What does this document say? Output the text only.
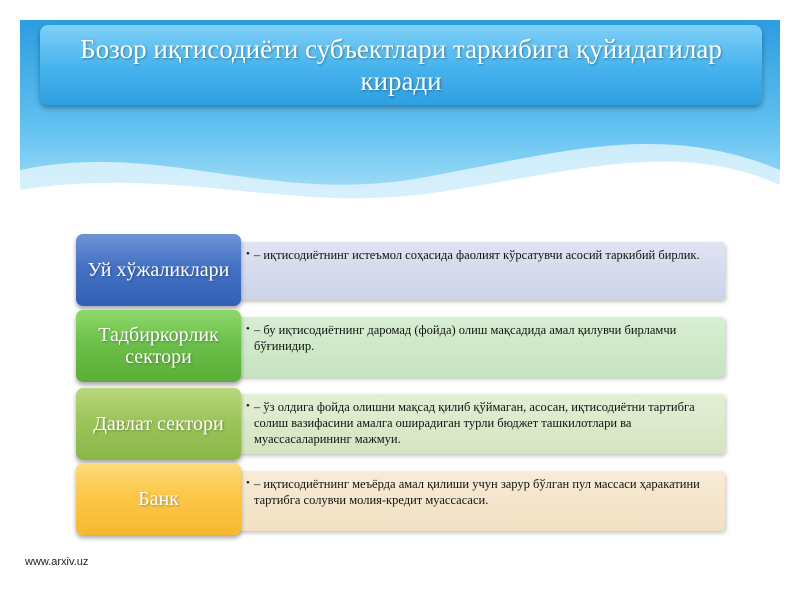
Бозор иқтисодиёти субъектлари таркибига қуйидагилар киради
• – иқтисодиётнинг истеъмол соҳасида фаолият кўрсатувчи асосий таркибий бирлик.
Уй хўжаликлари
• – бу иқтисодиётнинг даромад (фойда) олиш мақсадида амал қилувчи бирламчи бўғинидир.
Тадбиркорлик сектори
• – ўз олдига фойда олишни мақсад қилиб қўймаган, асосан, иқтисодиётни тартибга солиш вазифасини амалга оширадиган турли бюджет ташкилотлари ва муассасаларининг мажмуи.
Давлат сектори
• – иқтисодиётнинг меъёрда амал қилиши учун зарур бўлган пул массаси ҳаракатини тартибга солувчи молия-кредит муассасаси.
Банк
www.arxiv.uz
